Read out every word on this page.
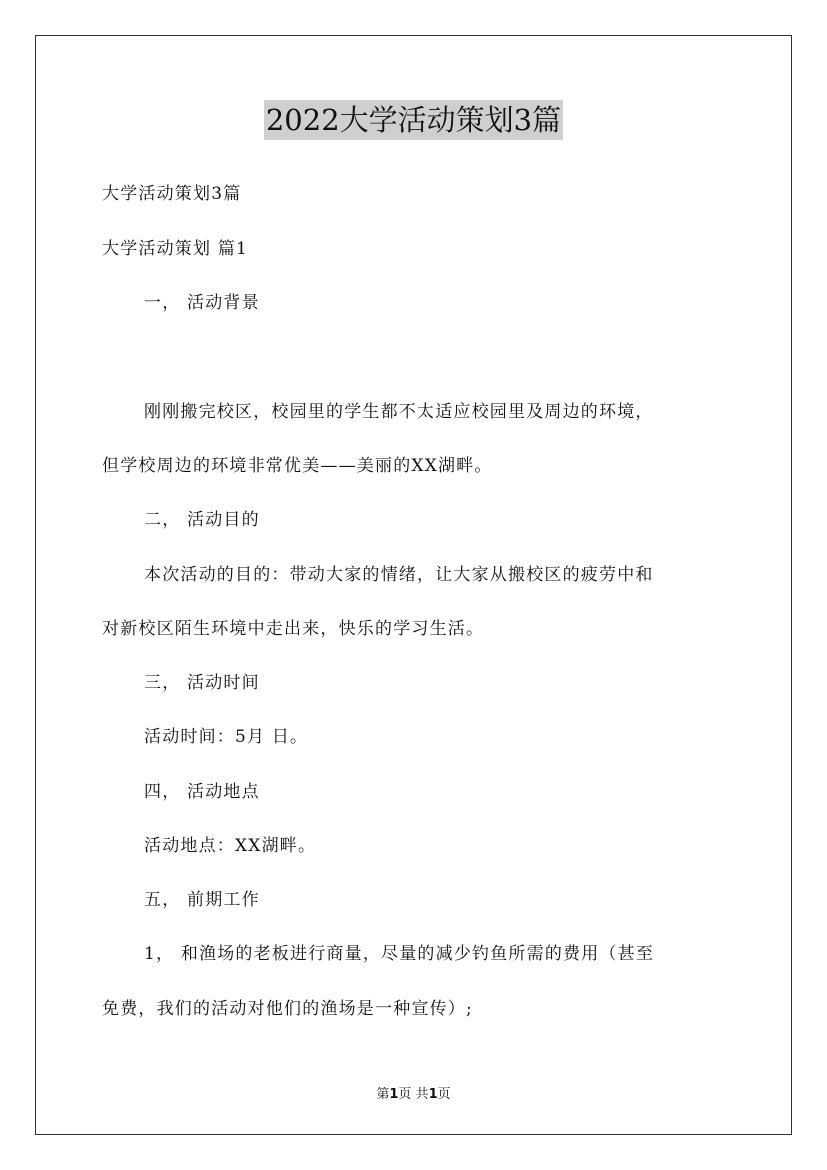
2022大学活动策划3篇
大学活动策划3篇
大学活动策划 篇1
一， 活动背景
刚刚搬完校区，校园里的学生都不太适应校园里及周边的环境，
但学校周边的环境非常优美——美丽的XX湖畔。
二， 活动目的
本次活动的目的：带动大家的情绪，让大家从搬校区的疲劳中和
对新校区陌生环境中走出来，快乐的学习生活。
三， 活动时间
活动时间：5月 日。
四， 活动地点
活动地点：XX湖畔。
五， 前期工作
1， 和渔场的老板进行商量，尽量的减少钓鱼所需的费用（甚至
免费，我们的活动对他们的渔场是一种宣传）;
第1页 共1页
